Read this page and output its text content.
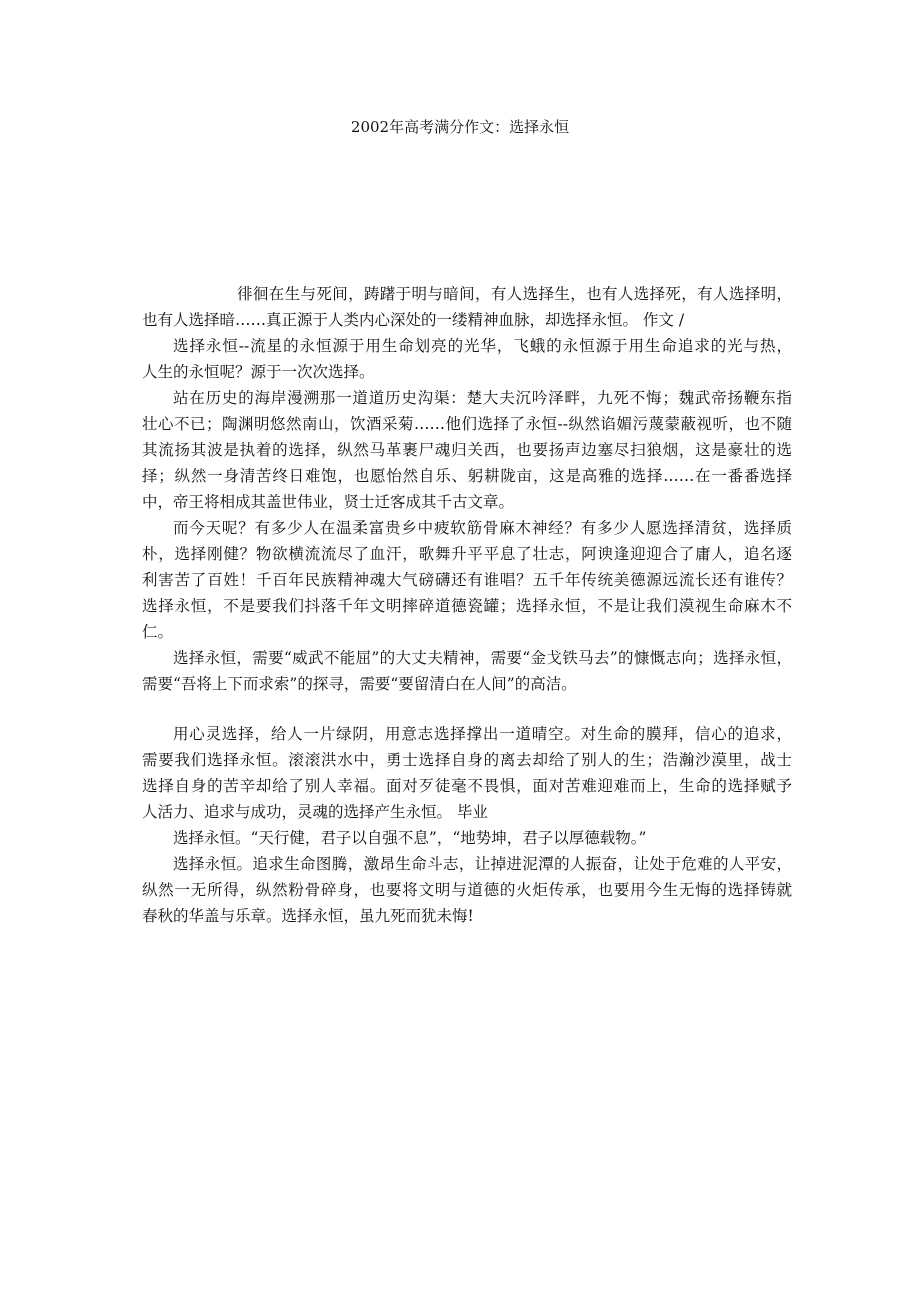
2002年高考满分作文：选择永恒
徘徊在生与死间，踌躇于明与暗间，有人选择生，也有人选择死，有人选择明，
也有人选择暗……真正源于人类内心深处的一缕精神血脉，却选择永恒。 作文 /
选择永恒--流星的永恒源于用生命划亮的光华，飞蛾的永恒源于用生命追求的光与热，
人生的永恒呢？源于一次次选择。
站在历史的海岸漫溯那一道道历史沟渠：楚大夫沉吟泽畔，九死不悔；魏武帝扬鞭东指
壮心不已；陶渊明悠然南山，饮酒采菊……他们选择了永恒--纵然谄媚污蔑蒙蔽视听，也不随
其流扬其波是执着的选择，纵然马革裹尸魂归关西，也要扬声边塞尽扫狼烟，这是豪壮的选
择；纵然一身清苦终日难饱，也愿怡然自乐、躬耕陇亩，这是高雅的选择……在一番番选择
中，帝王将相成其盖世伟业，贤士迁客成其千古文章。
而今天呢？有多少人在温柔富贵乡中疲软筋骨麻木神经？有多少人愿选择清贫，选择质
朴，选择刚健？物欲横流流尽了血汗，歌舞升平平息了壮志，阿谀逢迎迎合了庸人，追名逐
利害苦了百姓！千百年民族精神魂大气磅礴还有谁唱？五千年传统美德源远流长还有谁传？
选择永恒，不是要我们抖落千年文明摔碎道德瓷罐；选择永恒，不是让我们漠视生命麻木不
仁。
选择永恒，需要“威武不能屈”的大丈夫精神，需要“金戈铁马去”的慷慨志向；选择永恒，
需要“吾将上下而求索”的探寻，需要“要留清白在人间”的高洁。
用心灵选择，给人一片绿阴，用意志选择撑出一道晴空。对生命的膜拜，信心的追求，
需要我们选择永恒。滚滚洪水中，勇士选择自身的离去却给了别人的生；浩瀚沙漠里，战士
选择自身的苦辛却给了别人幸福。面对歹徒毫不畏惧，面对苦难迎难而上，生命的选择赋予
人活力、追求与成功，灵魂的选择产生永恒。 毕业
选择永恒。“天行健，君子以自强不息”，“地势坤，君子以厚德载物。”
选择永恒。追求生命图腾，激昂生命斗志，让掉进泥潭的人振奋，让处于危难的人平安，
纵然一无所得，纵然粉骨碎身，也要将文明与道德的火炬传承，也要用今生无悔的选择铸就
春秋的华盖与乐章。选择永恒，虽九死而犹未悔!
